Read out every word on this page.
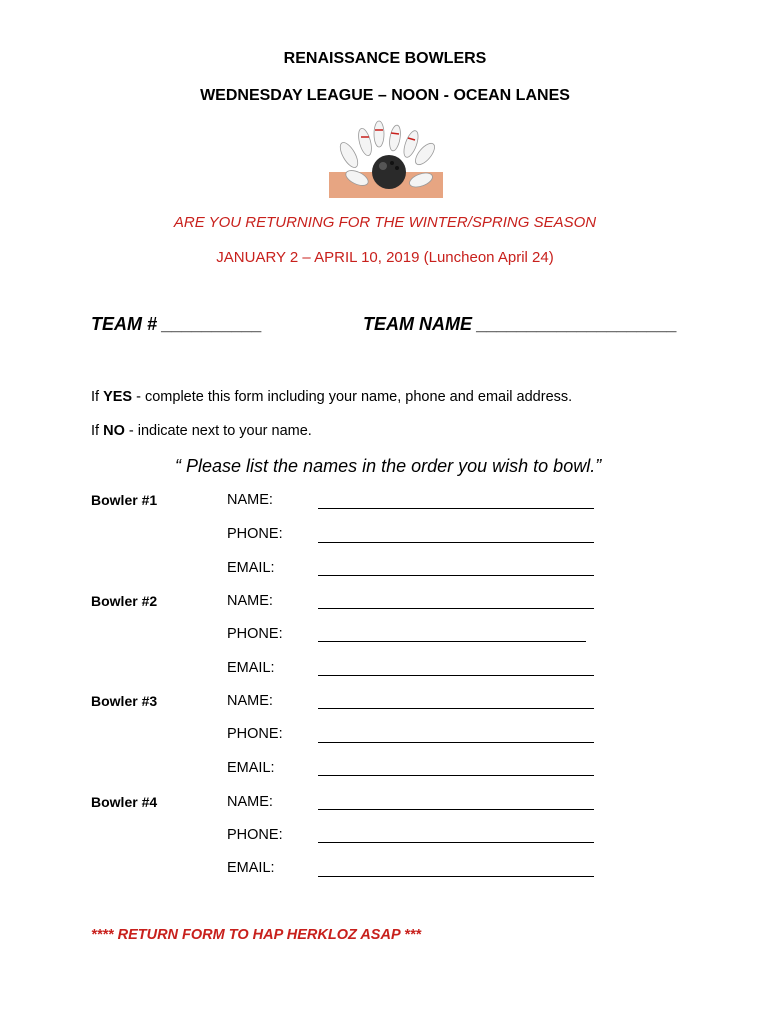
RENAISSANCE BOWLERS
WEDNESDAY LEAGUE – NOON - OCEAN LANES
ARE YOU RETURNING FOR THE WINTER/SPRING SEASON
JANUARY 2 – APRIL 10, 2019 (Luncheon April 24)
TEAM # __________	TEAM NAME ____________________
If YES - complete this form including your name, phone and email address.
If NO - indicate next to your name.
“ Please list the names in the order you wish to bowl.”
Bowler #1	NAME:
PHONE:
EMAIL:
Bowler #2	NAME:
PHONE:
EMAIL:
Bowler #3	NAME:
PHONE:
EMAIL:
Bowler #4	NAME:
PHONE:
EMAIL:
**** RETURN FORM TO HAP HERKLOZ ASAP ***
